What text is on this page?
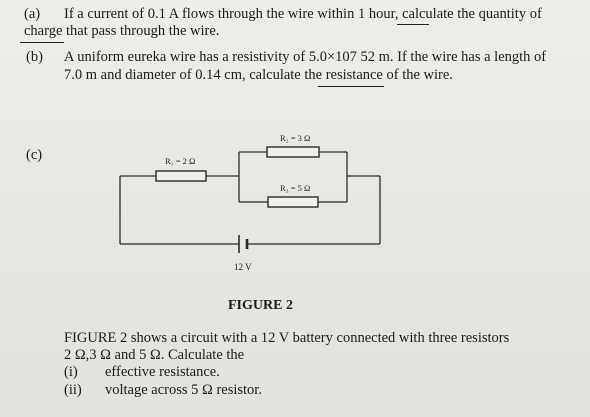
(a) If a current of 0.1 A flows through the wire within 1 hour, calculate the quantity of
charge that pass through the wire.
(b) A uniform eureka wire has a resistivity of 5.0×107 52 m. If the wire has a length of
7.0 m and diameter of 0.14 cm, calculate the resistance of the wire.
(c)	R₁ = 2 Ω
R₂ = 3 Ω
R₃ = 5 Ω
12 V
FIGURE 2
FIGURE 2 shows a circuit with a 12 V battery connected with three resistors
2 Ω,3 Ω and 5 Ω. Calculate the
(i) effective resistance.
(ii) voltage across 5 Ω resistor.
